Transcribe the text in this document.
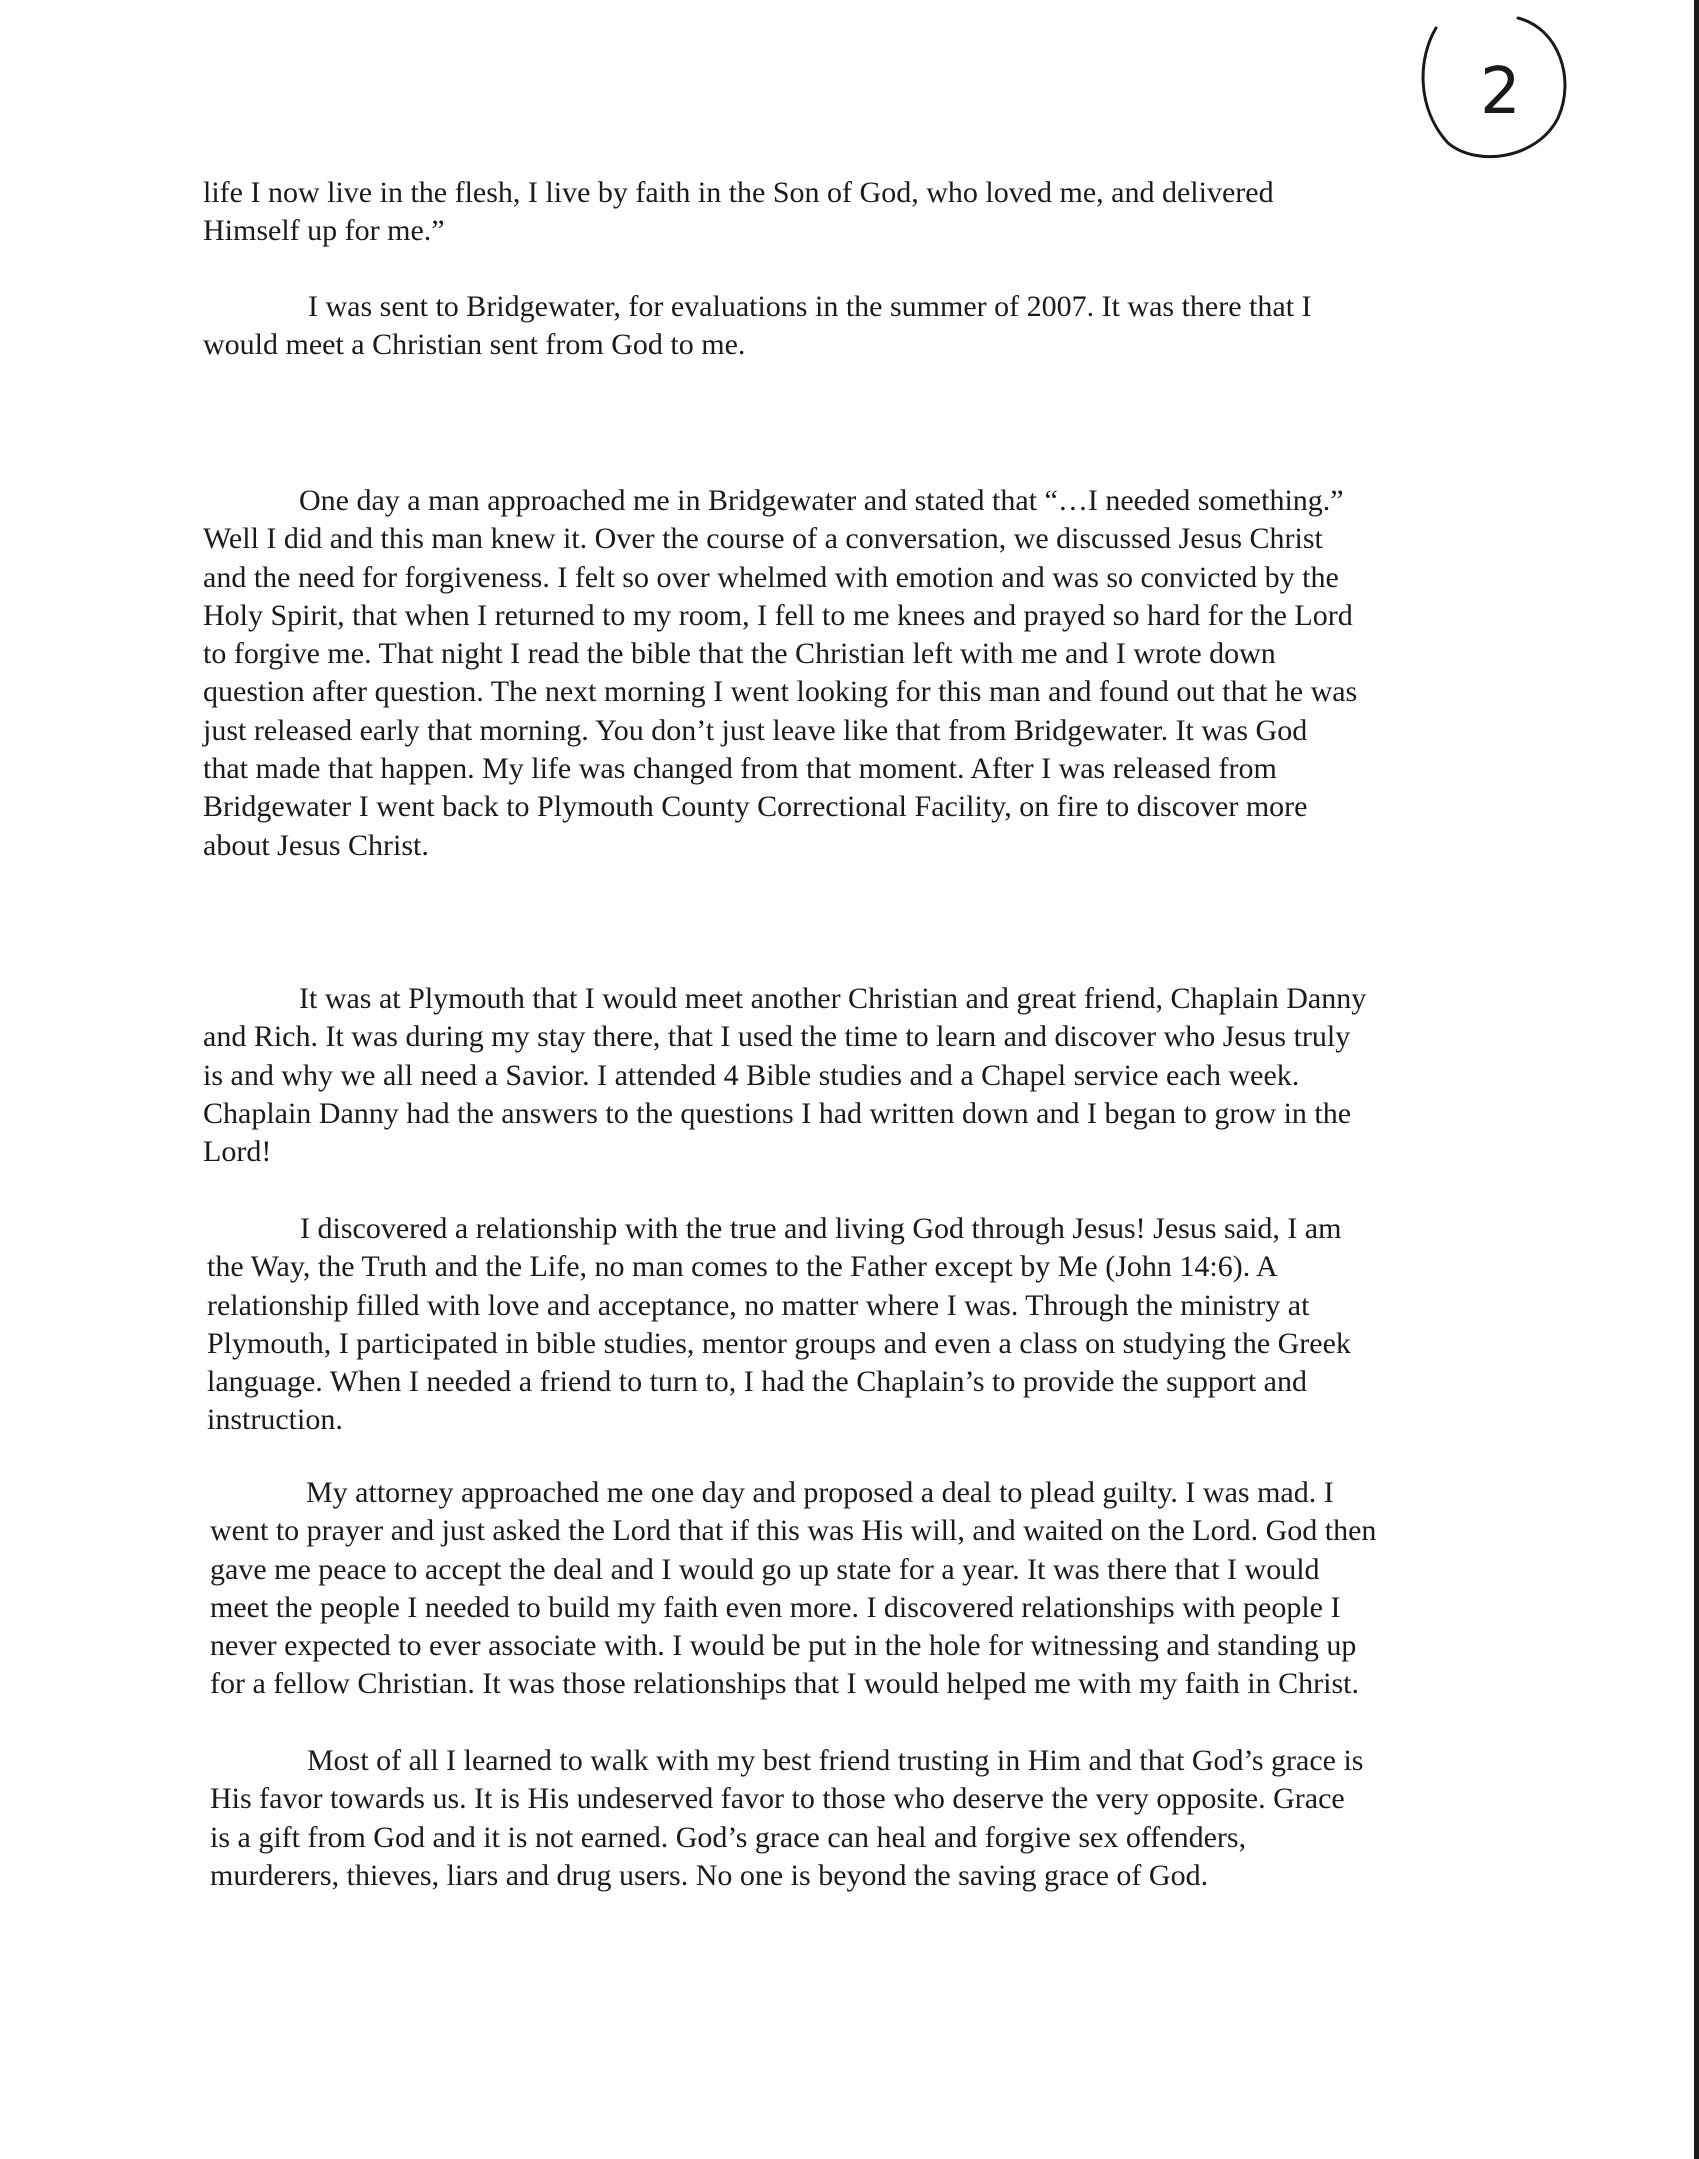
2
life I now live in the flesh, I live by faith in the Son of God, who loved me, and delivered
Himself up for me.”
I was sent to Bridgewater, for evaluations in the summer of 2007. It was there that I
would meet a Christian sent from God to me.
One day a man approached me in Bridgewater and stated that “…I needed something.”
Well I did and this man knew it. Over the course of a conversation, we discussed Jesus Christ
and the need for forgiveness. I felt so over whelmed with emotion and was so convicted by the
Holy Spirit, that when I returned to my room, I fell to me knees and prayed so hard for the Lord
to forgive me. That night I read the bible that the Christian left with me and I wrote down
question after question. The next morning I went looking for this man and found out that he was
just released early that morning. You don’t just leave like that from Bridgewater. It was God
that made that happen. My life was changed from that moment. After I was released from
Bridgewater I went back to Plymouth County Correctional Facility, on fire to discover more
about Jesus Christ.
It was at Plymouth that I would meet another Christian and great friend, Chaplain Danny
and Rich. It was during my stay there, that I used the time to learn and discover who Jesus truly
is and why we all need a Savior. I attended 4 Bible studies and a Chapel service each week.
Chaplain Danny had the answers to the questions I had written down and I began to grow in the
Lord!
I discovered a relationship with the true and living God through Jesus! Jesus said, I am
the Way, the Truth and the Life, no man comes to the Father except by Me (John 14:6). A
relationship filled with love and acceptance, no matter where I was. Through the ministry at
Plymouth, I participated in bible studies, mentor groups and even a class on studying the Greek
language. When I needed a friend to turn to, I had the Chaplain’s to provide the support and
instruction.
My attorney approached me one day and proposed a deal to plead guilty. I was mad. I
went to prayer and just asked the Lord that if this was His will, and waited on the Lord. God then
gave me peace to accept the deal and I would go up state for a year. It was there that I would
meet the people I needed to build my faith even more. I discovered relationships with people I
never expected to ever associate with. I would be put in the hole for witnessing and standing up
for a fellow Christian. It was those relationships that I would helped me with my faith in Christ.
Most of all I learned to walk with my best friend trusting in Him and that God’s grace is
His favor towards us. It is His undeserved favor to those who deserve the very opposite. Grace
is a gift from God and it is not earned. God’s grace can heal and forgive sex offenders,
murderers, thieves, liars and drug users. No one is beyond the saving grace of God.
